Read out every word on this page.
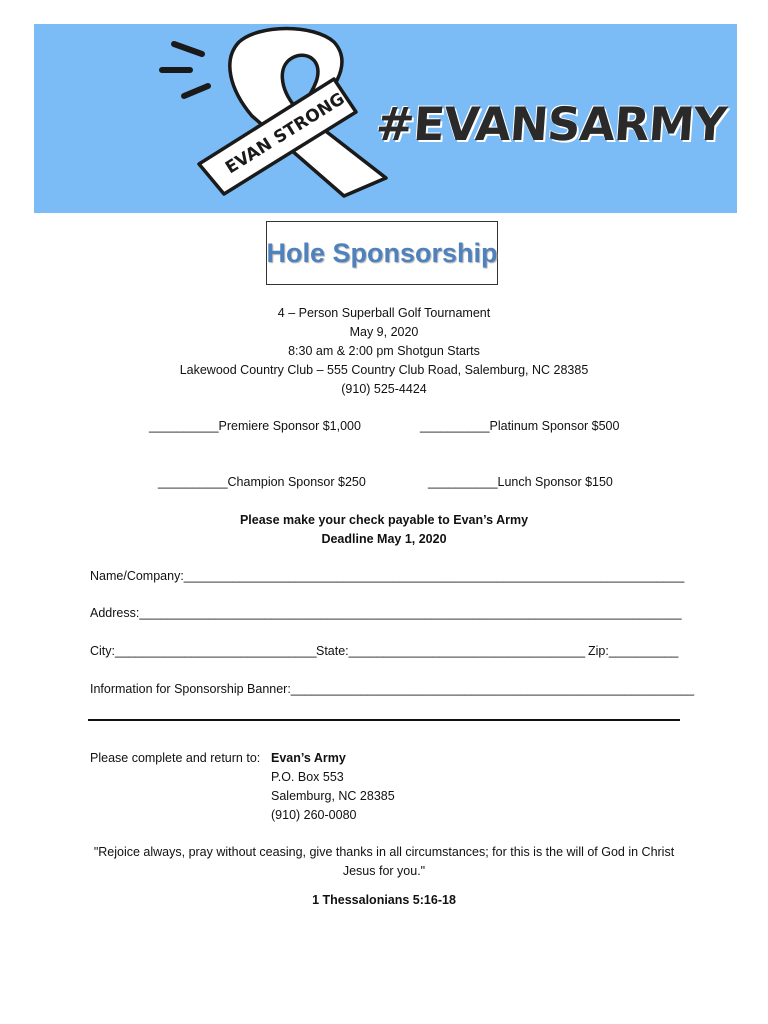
EVAN STRONG #EVANSARMY
Hole Sponsorship
4 – Person Superball Golf Tournament
May 9, 2020
8:30 am & 2:00 pm Shotgun Starts
Lakewood Country Club – 555 Country Club Road, Salemburg, NC 28385
(910) 525-4424
__________Premiere Sponsor $1,000	__________Platinum Sponsor $500
__________Champion Sponsor $250	__________Lunch Sponsor $150
Please make your check payable to Evan’s Army
Deadline May 1, 2020
Name/Company:________________________________________________________________________
Address:______________________________________________________________________________
City:_____________________________ State:__________________________________ Zip:__________
Information for Sponsorship Banner:__________________________________________________________
Please complete and return to: Evan’s Army
P.O. Box 553
Salemburg, NC 28385
(910) 260-0080
"Rejoice always, pray without ceasing, give thanks in all circumstances; for this is the will of God in Christ
Jesus for you."
1 Thessalonians 5:16-18
